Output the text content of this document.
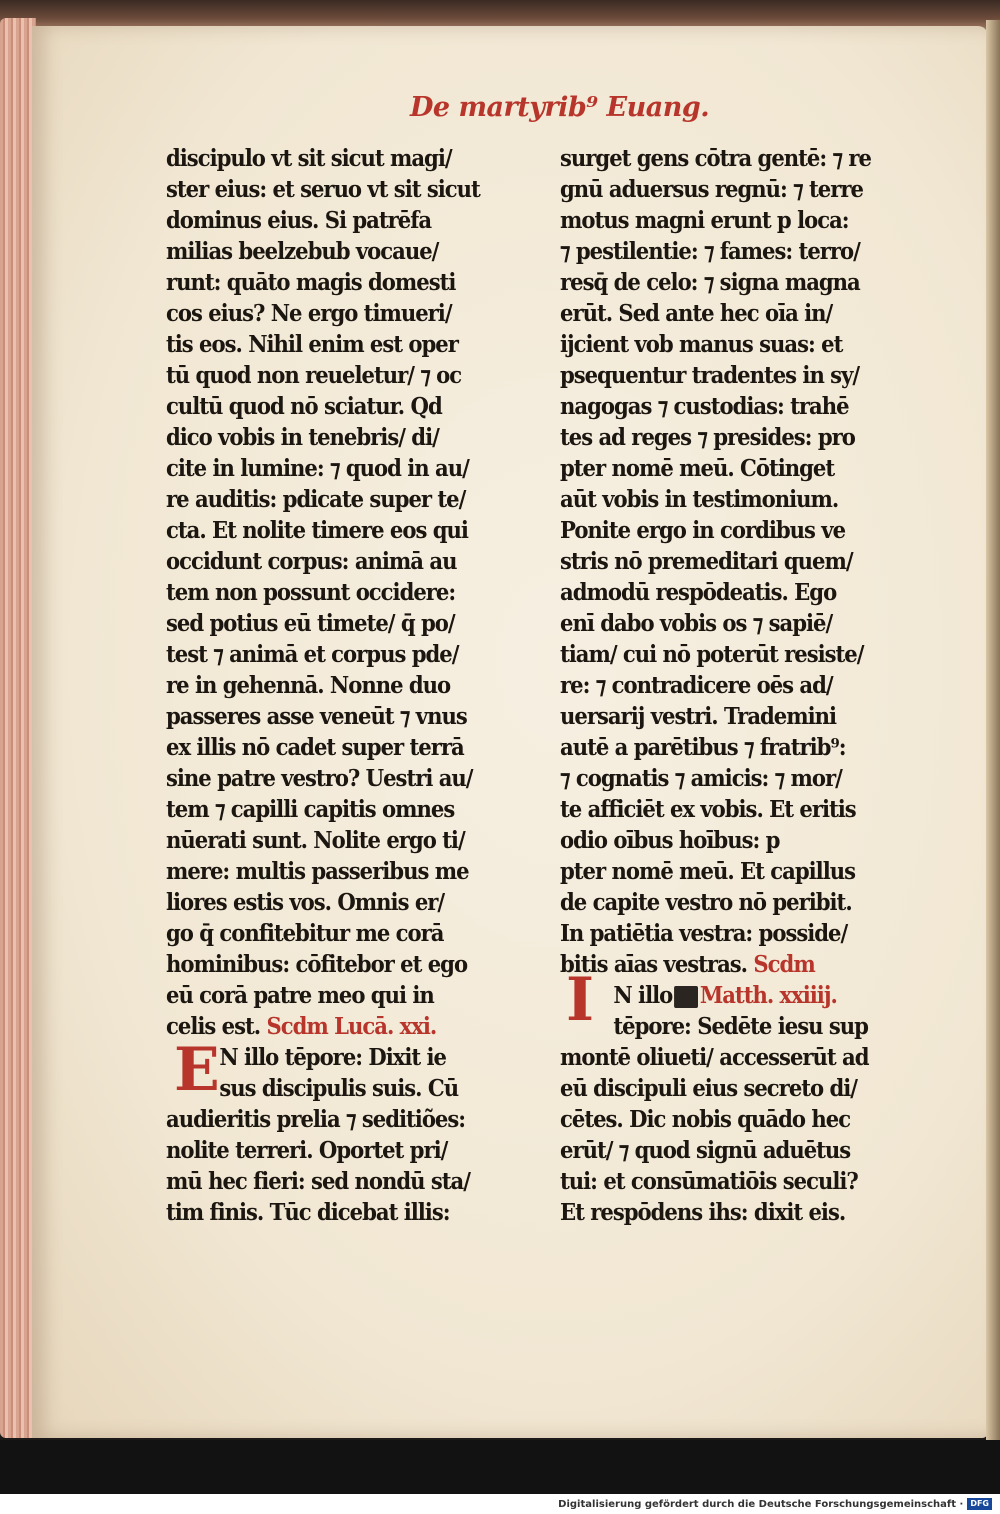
De martyrib⁹ Euang.
discipulo vt sit sicut magi/
ster eius: et seruo vt sit sicut
dominus eius. Si patrēfa
milias beelzebub vocaue/
runt: quāto magis domesti
cos eius? Ne ergo timueri/
tis eos. Nihil enim est oper
tū quod non reueletur/ ⁊ oc
cultū quod nō sciatur. Qd
dico vobis in tenebris/ di/
cite in lumine: ⁊ quod in au/
re auditis: pdicate super te/
cta. Et nolite timere eos qui
occidunt corpus: animā au
tem non possunt occidere:
sed potius eū timete/ q̄ po/
test ⁊ animā et corpus pde/
re in gehennā. Nonne duo
passeres asse veneūt ⁊ vnus
ex illis nō cadet super terrā
sine patre vestro? Uestri au/
tem ⁊ capilli capitis omnes
nūerati sunt. Nolite ergo ti/
mere: multis passeribus me
liores estis vos. Omnis er/
go q̄ confitebitur me corā
hominibus: cōfitebor et ego
eū corā patre meo qui in
celis est. Scdm Lucā. xxi.
N illo tēpore: Dixit ie
sus discipulis suis. Cū
audieritis prelia ⁊ seditiões:
nolite terreri. Oportet pri/
mū hec fieri: sed nondū sta/
tim finis. Tūc dicebat illis:
surget gens cōtra gentē: ⁊ re
gnū aduersus regnū: ⁊ terre
motus magni erunt p loca:
⁊ pestilentie: ⁊ fames: terro/
resq̄ de celo: ⁊ signa magna
erūt. Sed ante hec oīa in/
ijcient vob manus suas: et
psequentur tradentes in sy/
nagogas ⁊ custodias: trahē
tes ad reges ⁊ presides: pro
pter nomē meū. Cōtinget
aūt vobis in testimonium.
Ponite ergo in cordibus ve
stris nō premeditari quem/
admodū respōdeatis. Ego
enī dabo vobis os ⁊ sapiē/
tiam/ cui nō poterūt resiste/
re: ⁊ contradicere oēs ad/
uersarij vestri. Trademini
autē a parētibus ⁊ fratrib⁹:
⁊ cognatis ⁊ amicis: ⁊ mor/
te afficiēt ex vobis. Et eritis
odio oībus hoībus: p
pter nomē meū. Et capillus
de capite vestro nō peribit.
In patiētia vestra: posside/
bitis aīas vestras. Scdm
N illo Matth. xxiiij.
tēpore: Sedēte iesu sup
montē oliueti/ accesserūt ad
eū discipuli eius secreto di/
cētes. Dic nobis quādo hec
erūt/ ⁊ quod signū aduētus
tui: et consūmatiōis seculi?
Et respōdens ihs: dixit eis.
E
I
Digitalisierung gefördert durch die Deutsche Forschungsgemeinschaft · DFG
